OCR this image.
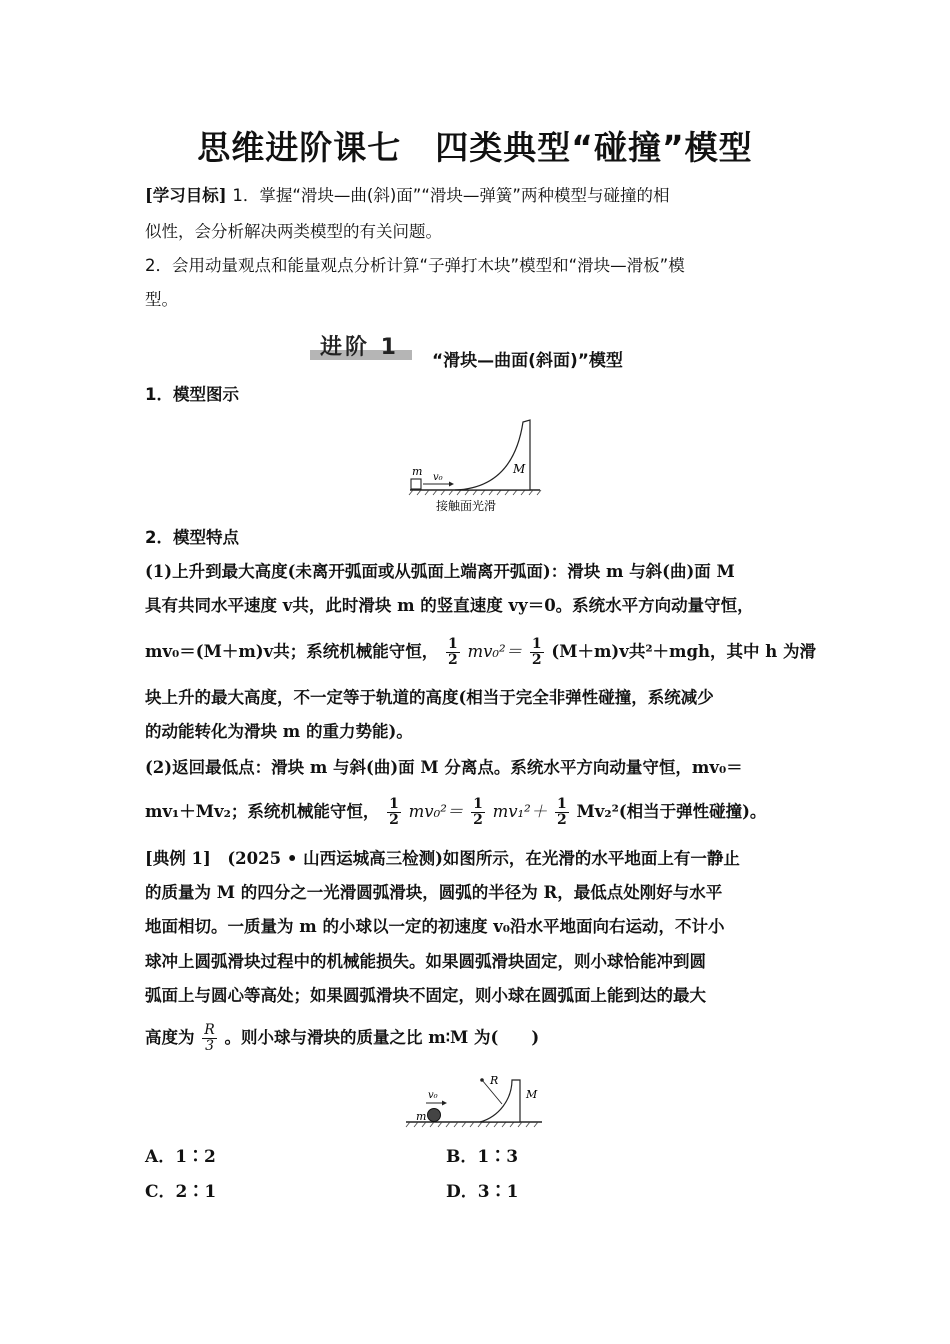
思维进阶课七　四类典型“碰撞”模型
[学习目标] 1．掌握“滑块—曲(斜)面”“滑块—弹簧”两种模型与碰撞的相
似性，会分析解决两类模型的有关问题。
2．会用动量观点和能量观点分析计算“子弹打木块”模型和“滑块—滑板”模
型。
进阶 1
“滑块—曲面(斜面)”模型
1．模型图示
m v₀
M
接触面光滑
2．模型特点
(1)上升到最大高度(未离开弧面或从弧面上端离开弧面)：滑块 m 与斜(曲)面 M
具有共同水平速度 v共，此时滑块 m 的竖直速度 vy＝0。系统水平方向动量守恒，
mv₀＝(M＋m)v共；系统机械能守恒， $\frac{1}{2} mv_0^2= \frac{1}{2} (M+m)v$共²＋mgh，其中 h 为滑
块上升的最大高度，不一定等于轨道的高度(相当于完全非弹性碰撞，系统减少
的动能转化为滑块 m 的重力势能)。
(2)返回最低点：滑块 m 与斜(曲)面 M 分离点。系统水平方向动量守恒，mv₀＝
mv₁＋Mv₂；系统机械能守恒， $\frac{1}{2} mv_0^2= \frac{1}{2} mv_1^2+ \frac{1}{2} Mv_2^2$(相当于弹性碰撞)。
[典例 1]　(2025 • 山西运城高三检测)如图所示，在光滑的水平地面上有一静止
的质量为 M 的四分之一光滑圆弧滑块，圆弧的半径为 R，最低点处刚好与水平
地面相切。一质量为 m 的小球以一定的初速度 v₀沿水平地面向右运动，不计小
球冲上圆弧滑块过程中的机械能损失。如果圆弧滑块固定，则小球恰能冲到圆
弧面上与圆心等高处；如果圆弧滑块不固定，则小球在圆弧面上能到达的最大
高度为 $\frac{R}{3}$ 。则小球与滑块的质量之比 m∶M 为(　　)
v₀
m
R
M
A．1∶2	B．1∶3
C．2∶1	D．3∶1
